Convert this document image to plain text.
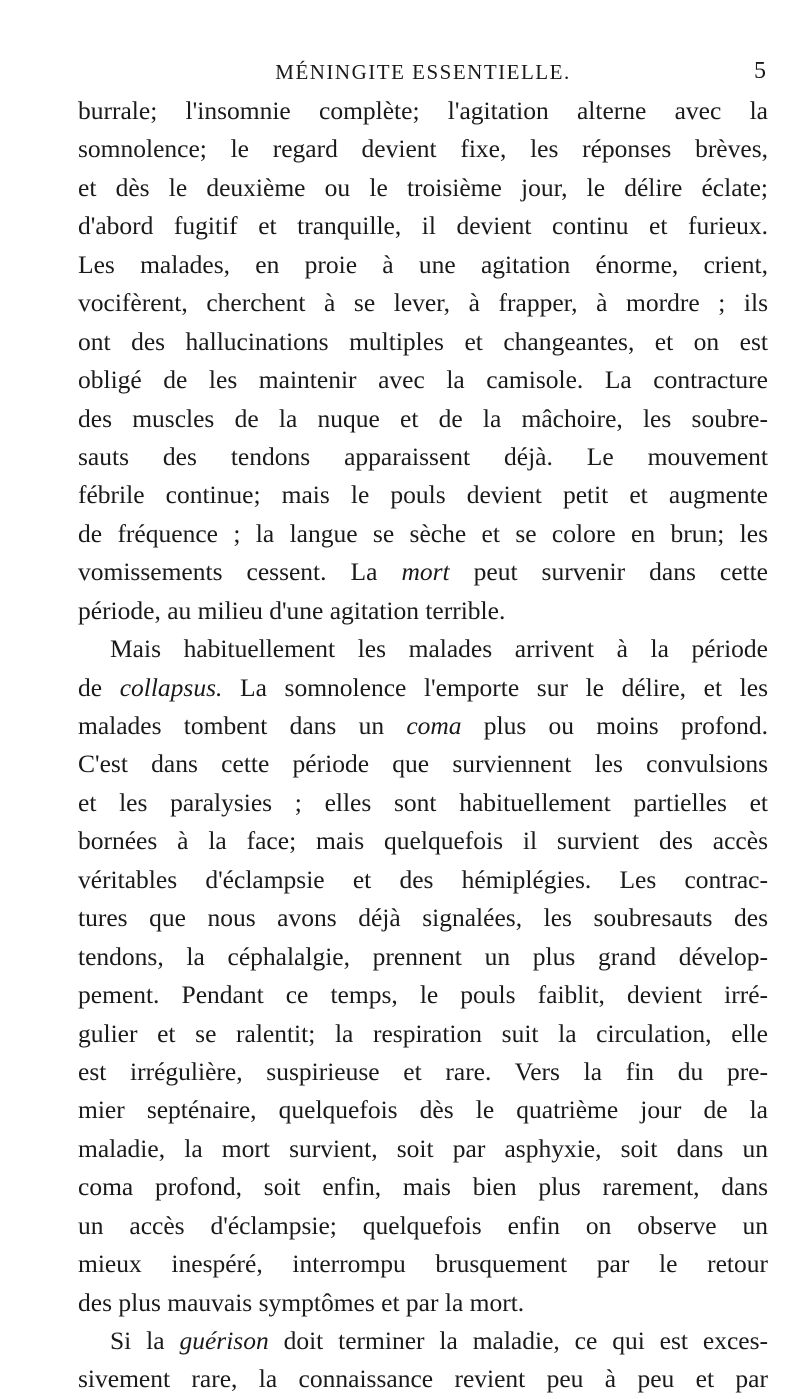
MÉNINGITE ESSENTIELLE.	5
burrale; l'insomnie complète; l'agitation alterne avec la
somnolence; le regard devient fixe, les réponses brèves,
et dès le deuxième ou le troisième jour, le délire éclate;
d'abord fugitif et tranquille, il devient continu et furieux.
Les malades, en proie à une agitation énorme, crient,
vocifèrent, cherchent à se lever, à frapper, à mordre ; ils
ont des hallucinations multiples et changeantes, et on est
obligé de les maintenir avec la camisole. La contracture
des muscles de la nuque et de la mâchoire, les soubre-
sauts des tendons apparaissent déjà. Le mouvement
fébrile continue; mais le pouls devient petit et augmente
de fréquence ; la langue se sèche et se colore en brun; les
vomissements cessent. La mort peut survenir dans cette
période, au milieu d'une agitation terrible.
Mais habituellement les malades arrivent à la période
de collapsus. La somnolence l'emporte sur le délire, et les
malades tombent dans un coma plus ou moins profond.
C'est dans cette période que surviennent les convulsions
et les paralysies ; elles sont habituellement partielles et
bornées à la face; mais quelquefois il survient des accès
véritables d'éclampsie et des hémiplégies. Les contrac-
tures que nous avons déjà signalées, les soubresauts des
tendons, la céphalalgie, prennent un plus grand dévelop-
pement. Pendant ce temps, le pouls faiblit, devient irré-
gulier et se ralentit; la respiration suit la circulation, elle
est irrégulière, suspirieuse et rare. Vers la fin du pre-
mier septénaire, quelquefois dès le quatrième jour de la
maladie, la mort survient, soit par asphyxie, soit dans un
coma profond, soit enfin, mais bien plus rarement, dans
un accès d'éclampsie; quelquefois enfin on observe un
mieux inespéré, interrompu brusquement par le retour
des plus mauvais symptômes et par la mort.
Si la guérison doit terminer la maladie, ce qui est exces-
sivement rare, la connaissance revient peu à peu et par
